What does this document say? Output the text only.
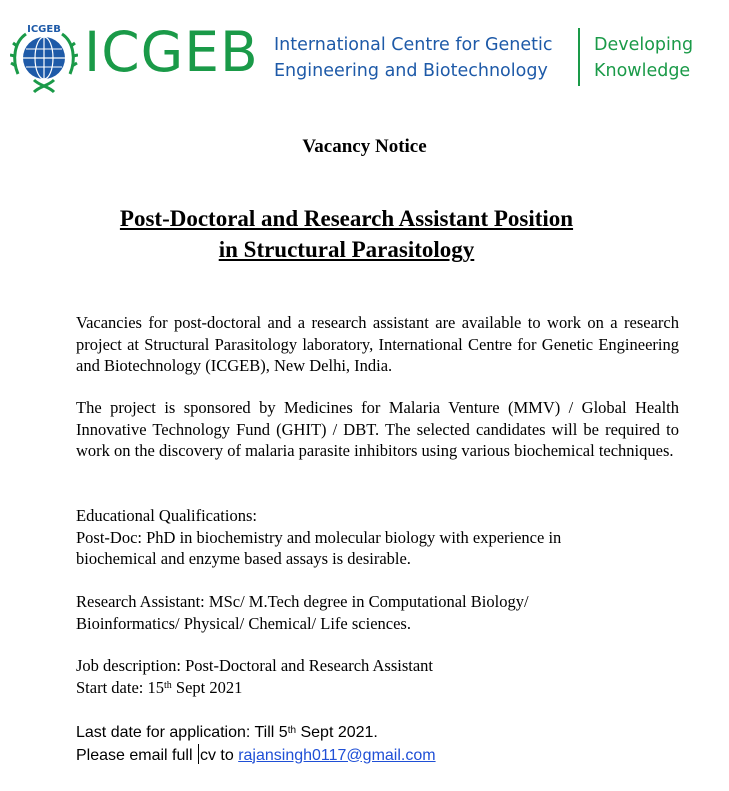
ICGEB ICGEB International Centre for Genetic
Engineering and Biotechnology
Developing
Knowledge
Vacancy Notice
Post-Doctoral and Research Assistant Position
in Structural Parasitology
Vacancies for post-doctoral and a research assistant are available to work on a research project at Structural Parasitology laboratory, International Centre for Genetic Engineering and Biotechnology (ICGEB), New Delhi, India.
The project is sponsored by Medicines for Malaria Venture (MMV) / Global Health Innovative Technology Fund (GHIT) / DBT. The selected candidates will be required to work on the discovery of malaria parasite inhibitors using various biochemical techniques.
Educational Qualifications:
Post-Doc: PhD in biochemistry and molecular biology with experience in
biochemical and enzyme based assays is desirable.
Research Assistant: MSc/ M.Tech degree in Computational Biology/
Bioinformatics/ Physical/ Chemical/ Life sciences.
Job description: Post-Doctoral and Research Assistant
Start date: 15th Sept 2021
Last date for application: Till 5th Sept 2021.
Please email full cv to rajansingh0117@gmail.com
